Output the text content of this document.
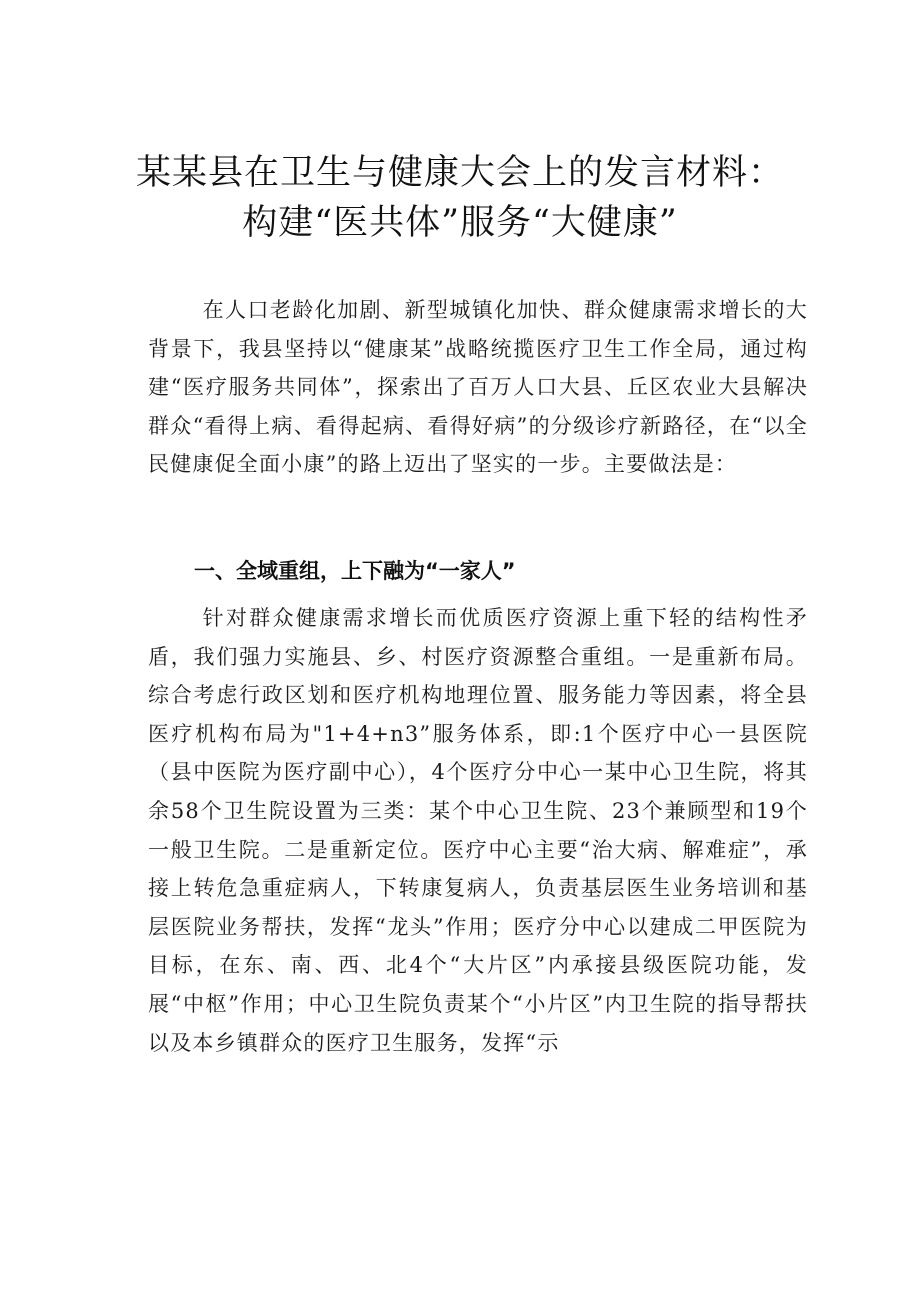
某某县在卫生与健康大会上的发言材料：
构建“医共体”服务“大健康”

在人口老龄化加剧、新型城镇化加快、群众健康需求增长的大背景下，我县坚持以“健康某”战略统揽医疗卫生工作全局，通过构建“医疗服务共同体”，探索出了百万人口大县、丘区农业大县解决群众“看得上病、看得起病、看得好病”的分级诊疗新路径，在“以全民健康促全面小康”的路上迈出了坚实的一步。主要做法是：

一、全域重组，上下融为“一家人”

针对群众健康需求增长而优质医疗资源上重下轻的结构性矛盾，我们强力实施县、乡、村医疗资源整合重组。一是重新布局。综合考虑行政区划和医疗机构地理位置、服务能力等因素，将全县医疗机构布局为"1+4+n3”服务体系，即:1个医疗中心一县医院（县中医院为医疗副中心），4个医疗分中心一某中心卫生院，将其余58个卫生院设置为三类：某个中心卫生院、23个兼顾型和19个一般卫生院。二是重新定位。医疗中心主要“治大病、解难症”，承接上转危急重症病人，下转康复病人，负责基层医生业务培训和基层医院业务帮扶，发挥“龙头”作用；医疗分中心以建成二甲医院为目标，在东、南、西、北4个“大片区”内承接县级医院功能，发展“中枢”作用；中心卫生院负责某个“小片区”内卫生院的指导帮扶以及本乡镇群众的医疗卫生服务，发挥“示
